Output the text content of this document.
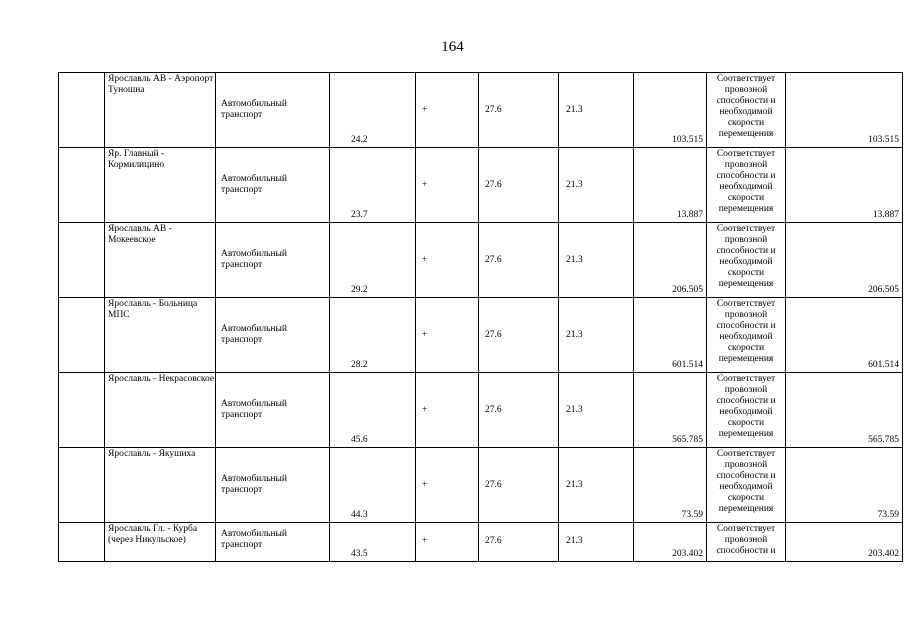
164

	Ярославль АВ - Аэропорт Туношна	Автомобильный транспорт	24.2	+	27.6	21.3	103.515	Соответствует провозной способности и необходимой скорости перемещения	103.515

	Яр. Главный - Кормилицино	Автомобильный транспорт	23.7	+	27.6	21.3	13.887	Соответствует провозной способности и необходимой скорости перемещения	13.887

	Ярославль АВ - Мокеевское	Автомобильный транспорт	29.2	+	27.6	21.3	206.505	Соответствует провозной способности и необходимой скорости перемещения	206.505

	Ярославль - Больница МПС	Автомобильный транспорт	28.2	+	27.6	21.3	601.514	Соответствует провозной способности и необходимой скорости перемещения	601.514

	Ярославль - Некрасовское	Автомобильный транспорт	45.6	+	27.6	21.3	565.785	Соответствует провозной способности и необходимой скорости перемещения	565.785

	Ярославль - Якушиха	Автомобильный транспорт	44.3	+	27.6	21.3	73.59	Соответствует провозной способности и необходимой скорости перемещения	73.59

	Ярославль Гл. - Курба (через Никульское)	Автомобильный транспорт	43.5	+	27.6	21.3	203.402	Соответствует провозной способности и	203.402
